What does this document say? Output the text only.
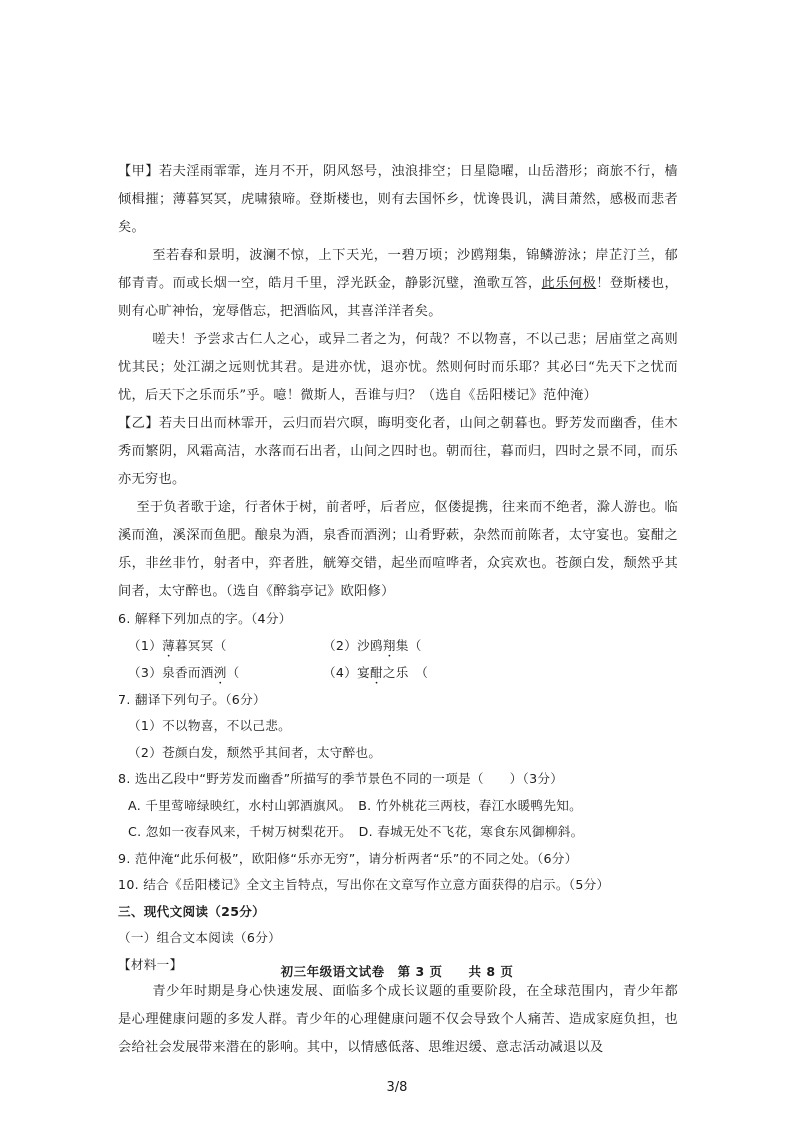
【甲】若夫淫雨霏霏，连月不开，阴风怒号，浊浪排空；日星隐曜，山岳潜形；商旅不行，樯倾楫摧；薄暮冥冥，虎啸猿啼。登斯楼也，则有去国怀乡，忧谗畏讥，满目萧然，感极而悲者矣。

至若春和景明，波澜不惊，上下天光，一碧万顷；沙鸥翔集，锦鳞游泳；岸芷汀兰，郁郁青青。而或长烟一空，皓月千里，浮光跃金，静影沉璧，渔歌互答，此乐何极！登斯楼也，则有心旷神怡，宠辱偕忘，把酒临风，其喜洋洋者矣。

嗟夫！予尝求古仁人之心，或异二者之为，何哉？不以物喜，不以己悲；居庙堂之高则忧其民；处江湖之远则忧其君。是进亦忧，退亦忧。然则何时而乐耶？其必曰“先天下之忧而忧，后天下之乐而乐”乎。噫！微斯人，吾谁与归？（选自《岳阳楼记》范仲淹）

【乙】若夫日出而林霏开，云归而岩穴暝，晦明变化者，山间之朝暮也。野芳发而幽香，佳木秀而繁阴，风霜高洁，水落而石出者，山间之四时也。朝而往，暮而归，四时之景不同，而乐亦无穷也。

至于负者歌于途，行者休于树，前者呼，后者应，伛偻提携，往来而不绝者，滁人游也。临溪而渔，溪深而鱼肥。酿泉为酒，泉香而酒洌；山肴野蔌，杂然而前陈者，太守宴也。宴酣之乐，非丝非竹，射者中，弈者胜，觥筹交错，起坐而喧哗者，众宾欢也。苍颜白发，颓然乎其间者，太守醉也。（选自《醉翁亭记》欧阳修）

6. 解释下列加点的字。（4分）

（1）薄暮冥冥（	（2）沙鸥翔集（
（3）泉香而酒洌（	（4）宴酣之乐　（

7. 翻译下列句子。（6分）

（1）不以物喜，不以己悲。

（2）苍颜白发，颓然乎其间者，太守醉也。

8. 选出乙段中“野芳发而幽香”所描写的季节景色不同的一项是（　　）（3分）

A. 千里莺啼绿映红，水村山郭酒旗风。　 B. 竹外桃花三两枝，春江水暖鸭先知。
C. 忽如一夜春风来，千树万树梨花开。　 D. 春城无处不飞花，寒食东风御柳斜。

9. 范仲淹“此乐何极”，欧阳修“乐亦无穷”，请分析两者“乐”的不同之处。（6分）

10. 结合《岳阳楼记》全文主旨特点，写出你在文章写作立意方面获得的启示。（5分）

三、现代文阅读（25分）

（一）组合文本阅读（6分）

【材料一】

青少年时期是身心快速发展、面临多个成长议题的重要阶段，在全球范围内，青少年都是心理健康问题的多发人群。青少年的心理健康问题不仅会导致个人痛苦、造成家庭负担，也会给社会发展带来潜在的影响。其中，以情感低落、思维迟缓、意志活动减退以及

初三年级语文试卷　第 3 页　　共 8 页
3/8
